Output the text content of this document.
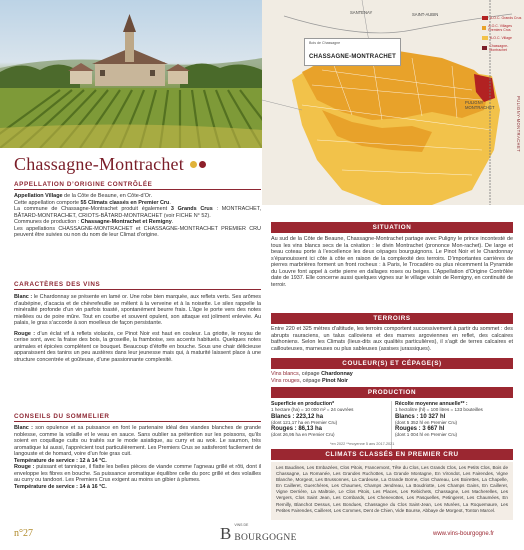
SANTENAY	SAINT-AUBIN
Bois de Chassagne
CHASSAGNE-MONTRACHET
PULIGNY
MONTRACHET
A.O.C. Grands Crus
A.O.C. Villages Premiers Crus
A.O.C. Village
Chassagne-Montrachet
PULIGNY-MONTRACHET
Chassagne-Montrachet
APPELLATION D’ORIGINE CONTRÔLÉE
Appellation Village de la Côte de Beaune, en Côte-d’Or.
Cette appellation comporte 55 Climats classés en Premier Cru.
La commune de Chassagne-Montrachet produit également 3 Grands Crus : MONTRACHET, BÂTARD-MONTRACHET, CRIOTS-BÂTARD-MONTRACHET (voir FICHE N° 52).
Communes de production : Chassagne-Montrachet et Remigny.
Les appellations CHASSAGNE-MONTRACHET et CHASSAGNE-MONTRACHET PREMIER CRU peuvent être suivies ou non du nom de leur Climat d’origine.
CARACTÈRES DES VINS
Blanc : le Chardonnay se présente en lamé or. Une robe bien marquée, aux reflets verts. Ses arômes d’aubépine, d’acacia et de chèvrefeuille se mêlent à la verveine et à la noisette. Le silex rappelle la minéralité profonde d’un vin parfois toasté, spontanément beurre frais. L’âge le porte vers des notes miellées ou de poire mûre. Tout en courbe et souvent opulent, son attaque est joliment enlevée. Au palais, le gras s’accorde à son moelleux de façon persistante.
Rouge : d’un éclat vif à reflets violacés, ce Pinot Noir est haut en couleur. La griotte, le noyau de cerise sont, avec la fraise des bois, la groseille, la framboise, ses accents habituels. Quelques notes animales et épicées complètent ce bouquet. Beaucoup d’étoffe en bouche. Sous une chair délicieuse apparaissent des tanins un peu austères dans leur jeunesse mais qui, à maturité laissent place à une structure concentrée et goûteuse, d’une passionnante complexité.
CONSEILS DU SOMMELIER
Blanc : son opulence et sa puissance en font le partenaire idéal des viandes blanches de grande noblesse, comme la volaille et le veau en sauce. Sans oublier sa prétention sur les poissons, qu’ils soient en coquillage cuits ou traités sur le mode asiatique, au curry et au wok. Le saumon, très aromatique lui aussi, l’apprécient tout particulièrement. Les Premiers Crus se satisferont facilement de langouste et de homard, voire d’un foie gras cuit.
Température de service : 12 à 14 °C.
Rouge : puissant et tannique, il flatte les belles pièces de viande comme l’agneau grillé et rôti, dont il enveloppe les fibres en bouche. Sa puissance aromatique équilibre celle du porc grillé et des volailles au curry ou tandoori. Les Premiers Crus exigent au moins un gibier à plumes.
Température de service : 14 à 16 °C.
SITUATION
Au sud de la Côte de Beaune, Chassagne-Montrachet partage avec Puligny le prince incontesté de tous les vins blancs secs de la création : le divin Montrachet (prononce Mon-rachet). De large et beau coteau porte à l’excellence les deux cépages bourguignons. Le Pinot Noir et le Chardonnay s’épanouissent ici côte à côte en raison de la complexité des terroirs. D’importantes carrières de pierres marbrières forment un front rocheux : à Paris, le Trocadéro ou plus récemment la Pyramide du Louvre font appel à cette pierre en dallages roses ou beiges. L’Appellation d’Origine Contrôlée date de 1937. Elle concerne aussi quelques vignes sur le village voisin de Remigny, en continuité de terroir.
TERROIRS
Entre 220 et 325 mètres d’altitude, les terroirs comportent successivement à partir du sommet : des abrupts rauraciens, un talus calloviens et des marnes argoviennes en reflet, des calcaires bathoniens. Selon les Climats (lieux-dits aux qualités particulières), il s’agit de terres calcaires et caillouteuses, marneuses ou plus sableuses (assises jurassiques).
COULEUR(S) ET CÉPAGE(S)
Vins blancs, cépage Chardonnay
Vins rouges, cépage Pinot Noir
PRODUCTION
Superficie en production*
1 hectare (ha) = 10 000 m² = 24 ouvrées
Blancs : 223,12 ha
(dont 121,17 ha en Premier Cru)
Rouges : 86,13 ha
(dont 26,95 ha en Premier Cru)
Récolte moyenne annuelle** :
1 hectolitre (hl) = 100 litres = 133 bouteilles
Blancs : 10 327 hl
(dont 5 352 hl en Premier Cru)
Rouges : 3 667 hl
(dont 1 004 hl en Premier Cru)
*en 2022 **moyenne 5 ans 2017-2021
CLIMATS CLASSÉS EN PREMIER CRU
Les Baudines, Les Embazées, Clos Pitois, Francemont, Tête du Clos, Les Grands Clos, Les Petits Clos, Bois de Chassagne, La Romanée, Les Grandes Ruchottes, La Grande Montagne, En Virondot, Les Fairendes, Vigne Blanche, Morgeot, Les Brussonnes, La Cardeuse, La Grande Borne, Clos Chareau, Les Boirettes, La Chapelle, En Cailleret, Guerchères, Les Chaumes, Champs Jendreau, La Boudriotte, Les Champs Gains, En Cailleret, Vigne Derrière, La Maltroie, Le Clos Pitois, Les Places, Les Rebichets, Chassagne, Les Macherelles, Les Vergers, Clos Saint Jean, Les Combards, Les Chenevottes, Les Pasquelles, Petingeret, Les Chaumées, En Remilly, Blanchot Dessus, Les Bondues, Chassagne du Clos Saint-Jean, Les Murées, La Roquemaure, Les Petites Fairendes, Cailleret, Les Commes, Dent de Chien, Vide Bourse, Abbaye de Morgeot, Tonton Marcel.
n°27	B VINS DE
BOURGOGNE	www.vins-bourgogne.fr
